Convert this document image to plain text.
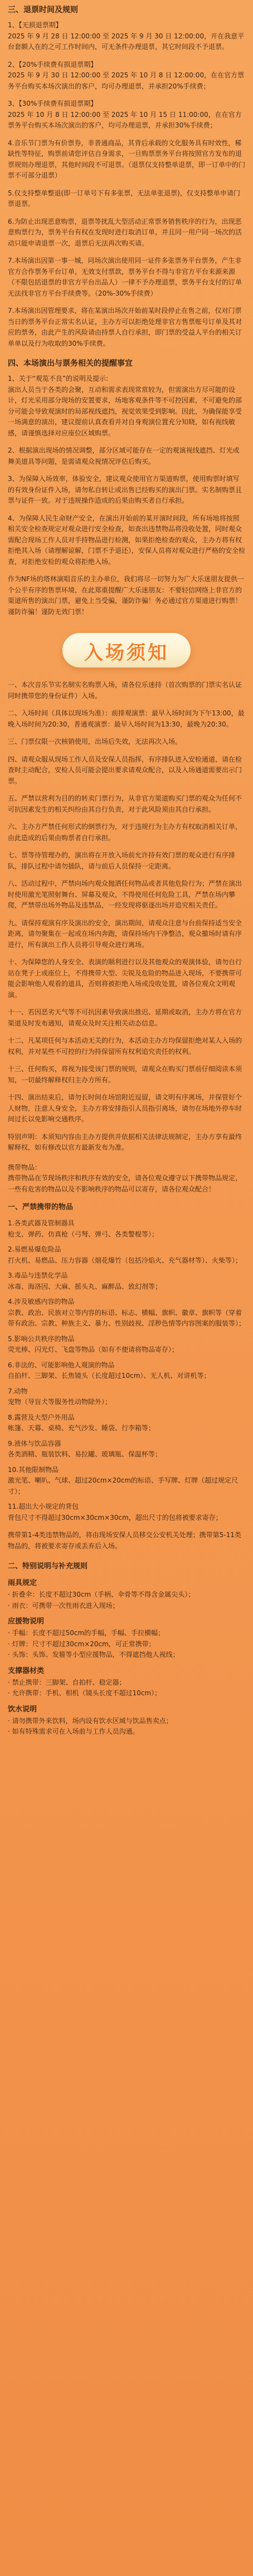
三、退票时间及规则

1、【无损退票期】
2025 年 9 月 28 日 12:00:00 至 2025 年 9 月 30 日 12:00:00，开在我意平台套额人在的之可工作时间内，可无条件办理退票，其它时间段不予退票。

2、【20%手续费有损退票期】
2025 年 9 月 30 日 12:00:00 至 2025 年 10 月 8 日 12:00:00，在在官方票务平台购买本场次演出的客户，均可办理退票，并承担20%手续费；

3、【30%手续费有损退票期】
2025 年 10 月 8 日 12:00:00 至 2025 年 10 月 15 日 11:00:00，在在官方票务平台购买本场次演出的客户，均可办理退票，并承担30%手续费；

4.音乐节门票为有价票券，非普通商品，其背后承载的文化服务具有时效性，稀缺性等特征，购票前请您评估自身需求，一旦购票票务平台将按照官方发布的退票规则办理退票，其他时间段不可退票。（退票仅支持整单退票，即一订单中的门票不可部分退票）

5.仅支持整单整退(即一订单号下有多张票，无法单张退票)，仅支持整单申请门票退票。

6.为防止出现恶意购票，退票等扰乱大型活动正常票务销售秩序的行为，出现恶意购票行为，票务平台有权在发现时进行取消订单，并且同一用户同一场次的活动只能申请退票一次，退票后无法再次购买请。

7.本场演出因第一事一城，同场次演出使用同一证件多张票务平台票务，产生非官方合作票务平台订单，无效支付票款，票务平台不得与非官方平台来源来源（不限包括退票的非官方平台出品人）一律不予办理退票，票务平台支付的订单无法找非官方平台手续费等。（20%-30%手续费）

7.本场演出因管理要求，将在某演出场次开始前某时段停止在售之前，仅对门票当日的票务平台正常实名认证，主办方可以拒绝处理非官方售票账号订单及其对应的票务，由此产生的风险请由持票人自行承担，即门票的受益人平台的相关订单单以及行为收取的30%手续费。

四、本场演出与票务相关的提醒事宜

1、关于“观览不良”的说明及提示:
演出人员当于各类的会聚，互动和需求表现常常较为，但需演出方尽可能的设计，灯光采用部分现场的安置要求，场地客观条件等不可控因素，不可避免的部分可能会导致观演时的局部视线遮挡，视觉效果受到影响。因此，为确保能享受一场满意的演出，建议提前认真查看并对自身观演位置充分知晓，如有视线敏感，请谨慎选择对应座位区域购票。

2、根据演出现场的情况调整，部分区域可能存在一定的观演视线遮挡、灯光或舞美道具等问题，是需请观众视情况评估后购买。

3、为保障入场效率，体验安全，建议观众使用官方渠道购票，使用购票时填写的有效身份证件入场，请勿私自转让或出售已经购买的演出门票。实名制购票且票与证件一致。对于违规操作造成的后果由购买者自行承担。

4、为保障人民生命财产安全，在演出开始前的某开演时间段，所有场地将按照相关安全检查规定对观众进行安全检查，如查出违禁物品将没收处置，同时观众需配合现场工作人员对手持物品进行检测，如果拒绝检查的观众，主办方将有权拒绝其入场（请理解谅解，门票不予退还），安保人员将对观众进行严格的安全检查，对拒绝安检的观众将拒绝入场。

作为NF场的塔林演唱音乐的主办单位，我们将尽一切努力为广大乐迷朋友提供一个公平有序的售票环境，在此郑重提醒广大乐迷朋友：不要轻信网络上非官方的渠道所售的演出门票，避免上当受骗，谨防诈骗！务必通过官方渠道进行购票！谨防诈骗！谨防无效门票！

入场须知

一、本次音乐节实名制实名购票入场，请各位乐迷持（首次购票的门票实名认证同时携带您的身份证件）入场。

二、入场时间（具体以现场为准）：前排观演票：最早入场时间为下午13:00，最晚入场时间为20:30，普通观演票：最早入场时间为13:30，最晚为20:30。

三、门票仅限一次核销使用，出场后失效，无法再次入场。

四、请观众服从现场工作人员及安保人员指挥，有序排队进入安检通道，请在检查时主动配合，安检人员可能会提出要求请观众配合，以及入场通道需要出示门票。

五、严禁以营利为目的的转卖门票行为，从非官方渠道购买门票的观众为任何不可抗因素发生的相关纠纷由其自行负责，对于此风险须由其自行承担。

六、主办方严禁任何形式的倒票行为，对于违规行为主办方有权取消相关订单，由此造成的后果由购票者自行承担。

七、票等待管理办的，演出将在开放入场前允许持有效门票的观众进行有序排队，排队过程中请勿插队，请与前后人员保持一定距离。

八、活动过程中，严禁向场内观众抛洒任何物品或者其他危险行为；严禁在演出时使用激光笔照射舞台、屏幕及观众，不得使用任何危险工具，严禁在场内攀爬，严禁带出场外物品及违禁品，一经发现将驱逐出场并追究相关责任。

九、请保持观演有序及演出的安全，演出期间，请观众注意与台前保持适当安全距离，请勿聚集在一起或在场内奔跑，请保持场内干净整洁，观众撤场时请有序进行，所有演出工作人员将引导观众进行离场。

十、为保障您的人身安全、表演的顺利进行以及其他观众的观演体验，请勿自行站在凳子上或座位上，不得携带大型、尖锐及危险的物品进入现场，不要携带可能会影响他人观看的道具，否则将被拒绝入场或没收处置，请各位观众文明观演。

十一、若因恶劣天气等不可抗因素导致演出推迟、延期或取消，主办方将在官方渠道及时发布通知，请观众及时关注相关动态信息。

十二、凡某项任何与本活动无关的行为，本活动主办方均保留拒绝对某人入场的权利，并对某些不可控的行为持保留所有权利追究责任的权利。

十三、任何购买，将视为接受该门票的规则，请观众在购买门票前仔细阅读本须知，一切最终解释权归主办方所有。

十四、演出结束后，请勿长时间在场馆附近逗留，请文明有序离场，并保管好个人财物，注意人身安全，主办方将安排指引人员指引离场，请勿在场地外停车时间过长以免影响交通秩序。

特别声明：本须知内容由主办方提供并依据相关法律法规制定，主办方享有最终解释权，如有修改以官方最新发布为准。

携带物品：
携带物品在节现场秩序和秩序有效的安全，请各位观众遵守以下携带物品规定，一些有危害的物品以及不影响秩序的物品可以寄存，请各位观众配合！

一、严禁携带的物品

1.各类武器及管制器具
枪支、弹药、仿真枪（弓弩、弹弓、各类警棍等）；

2.易燃易爆危险品
打火机、易燃品、压力容器（烟花爆竹（包括冷焰火、充气器材等）、火柴等）；

3.毒品与违禁化学品
冰毒、海洛因、大麻、摇头丸、麻醉品、致幻剂等；

4.涉及敏感内容的物品
宗教、政治、民族对立等内容的标语、标志、横幅、旗帜、徽章、旗帜等（穿着带有政治、宗教、种族主义、暴力、性别歧视、淫秽色情等内容图案的服装等）；

5.影响公共秩序的物品
荧光棒、闪光灯、飞盘等物品（如有不便请将物品寄存）；

6.非法的、可能影响他人观演的物品
自拍杆、三脚架、长焦镜头（长度超过10cm）、无人机、对讲机等；

7.动物
宠物（导盲犬等服务性动物除外）；

8.露营及大型户外用品
帐篷、天幕、桌椅、充气沙发、睡袋、行李箱等；

9.液体与饮品容器
各类酒精、瓶装饮料、易拉罐、玻璃瓶、保温杯等；

10.其他限制物品
激光笔、喇叭、气球、超过20cm×20cm的标语、手写牌、灯牌（超过规定尺寸）；

11.超出大小规定的背包
背包尺寸不得超过30cm×30cm×30cm，超出尺寸的包将被要求寄存；

携带第1-4类违禁物品的，将由现场安保人员移交公安机关处理；携带第5-11类物品的，将被要求寄存或丢弃后入场。

二、特别说明与补充规则

雨具规定

· 折叠伞：长度不超过30cm（手柄、伞骨等不得含金属尖头）；

· 雨衣：可携带一次性雨衣进入现场；

应援物说明

· 手幅：长度不超过50cm的手幅，手幅、手拉横幅；

· 灯牌：尺寸不超过30cm×20cm，可正常携带；

· 头饰：头饰、发箍等小型应援物品，不得遮挡他人视线；

支撑器材类

· 禁止携带：三脚架、自拍杆、稳定器；

· 允许携带：手机、相机（镜头长度不超过10cm）；

饮水说明

· 请勿携带外来饮料，场内设有饮水区域与饮品售卖点；

· 如有特殊需求可在入场前与工作人员沟通。
